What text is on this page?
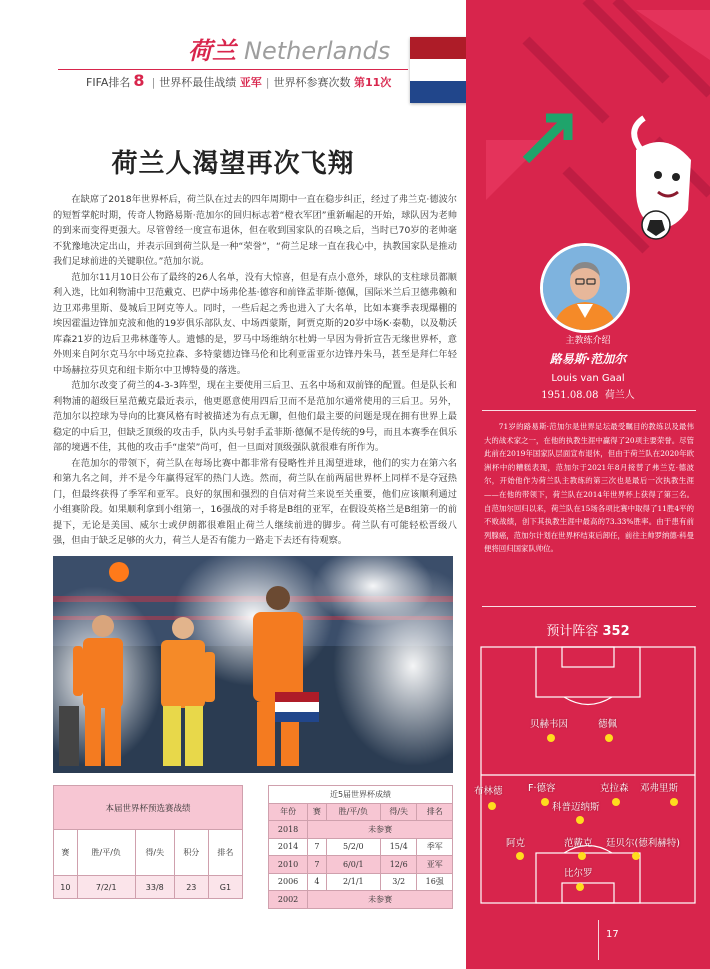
荷兰 Netherlands
FIFA排名 8 | 世界杯最佳战绩 亚军 | 世界杯参赛次数 第11次
荷兰人渴望再次飞翔

在缺席了2018年世界杯后，荷兰队在过去的四年周期中一直在稳步纠正，经过了弗兰克·德波尔的短暂掌舵时期，传奇人物路易斯·范加尔的回归标志着“橙衣军团”重新崛起的开始，球队因为老帅的到来而变得更强大。尽管曾经一度宣布退休，但在收到国家队的召唤之后，当时已70岁的老帅毫不犹豫地决定出山，并表示回到荷兰队是一种“荣誉”，“荷兰足球一直在我心中，执教国家队是推动我们足球前进的关键职位。”范加尔说。

范加尔11月10日公布了最终的26人名单，没有大惊喜，但是有点小意外，球队的支柱球员都顺利入选，比如利物浦中卫范戴克、巴萨中场弗伦基·德容和前锋孟菲斯·德佩，国际米兰后卫德弗赖和边卫邓弗里斯、曼城后卫阿克等人。同时，一些后起之秀也进入了大名单，比如本赛季表现爆棚的埃因霍温边锋加克波和他的19岁俱乐部队友、中场西蒙斯，阿贾克斯的20岁中场K·泰勒，以及勒沃库森21岁的边后卫弗林蓬等人。遗憾的是，罗马中场维纳尔杜姆一早因为骨折宣告无缘世界杯，意外则来自阿尔克马尔中场克拉森、多特蒙德边锋马伦和比利亚雷亚尔边锋丹朱马，甚至是拜仁年轻中场赫拉芬贝克和纽卡斯尔中卫博特曼的落选。

范加尔改变了荷兰的4-3-3阵型，现在主要使用三后卫、五名中场和双前锋的配置。但是队长和利物浦的超级巨星范戴克最近表示，他更愿意使用四后卫而不是范加尔通常使用的三后卫。另外，范加尔以控球为导向的比赛风格有时被描述为有点无聊，但他们最主要的问题是现在拥有世界上最稳定的中后卫，但缺乏顶级的攻击手，队内头号射手孟菲斯·德佩不是传统的9号，而且本赛季在俱乐部的境遇不佳，其他的攻击手“虚荣”尚可，但一旦面对顶级强队就很难有所作为。

在范加尔的带领下，荷兰队在每场比赛中都非常有侵略性并且渴望进球，他们的实力在第六名和第九名之间，并不是今年赢得冠军的热门人选。然而，荷兰队在前两届世界杯上同样不是夺冠热门，但最终获得了季军和亚军。良好的氛围和强烈的自信对荷兰来说至关重要，他们应该顺利通过小组赛阶段。如果顺利拿到小组第一，16强战的对手将是B组的亚军，在假设英格兰是B组第一的前提下，无论是美国、威尔士或伊朗都很难阻止荷兰人继续前进的脚步。荷兰队有可能轻松晋级八强，但由于缺乏足够的火力，荷兰人是否有能力一路走下去还有待观察。

本届世界杯预选赛战绩				
赛	胜/平/负	得/失	积分	排名
10	7/2/1	33/8	23	G1
近5届世界杯成绩				
年份	赛	胜/平/负	得/失	排名
2018	未参赛			
2014	7	5/2/0	15/4	季军
2010	7	6/0/1	12/6	亚军
2006	4	2/1/1	3/2	16强
2002	未参赛			
主教练介绍
路易斯·范加尔
Louis van Gaal
1951.08.08 荷兰人

71岁的路易斯·范加尔是世界足坛最受瞩目的教练以及最伟大的战术家之一，在他的执教生涯中赢得了20项主要荣誉。尽管此前在2019年国家队层面宣布退休，但由于荷兰队在2020年欧洲杯中的糟糕表现，范加尔于2021年8月接替了弗兰克·德波尔，开始他作为荷兰队主教练的第三次也是最后一次执教生涯——在他的带领下，荷兰队在2014年世界杯上获得了第三名。自范加尔回归以来，荷兰队在15场各项比赛中取得了11胜4平的不败战绩，创下其执教生涯中最高的73.33%胜率。由于患有前列腺癌，范加尔计划在世界杯结束后卸任，前往主帅罗纳德·科曼便将回归国家队帅位。

预计阵容 352
贝赫韦因	德佩
布林德	F·德容	克拉森 邓弗里斯
科普迈纳斯
阿克	范戴克 廷贝尔(德利赫特)
比尔罗
17
